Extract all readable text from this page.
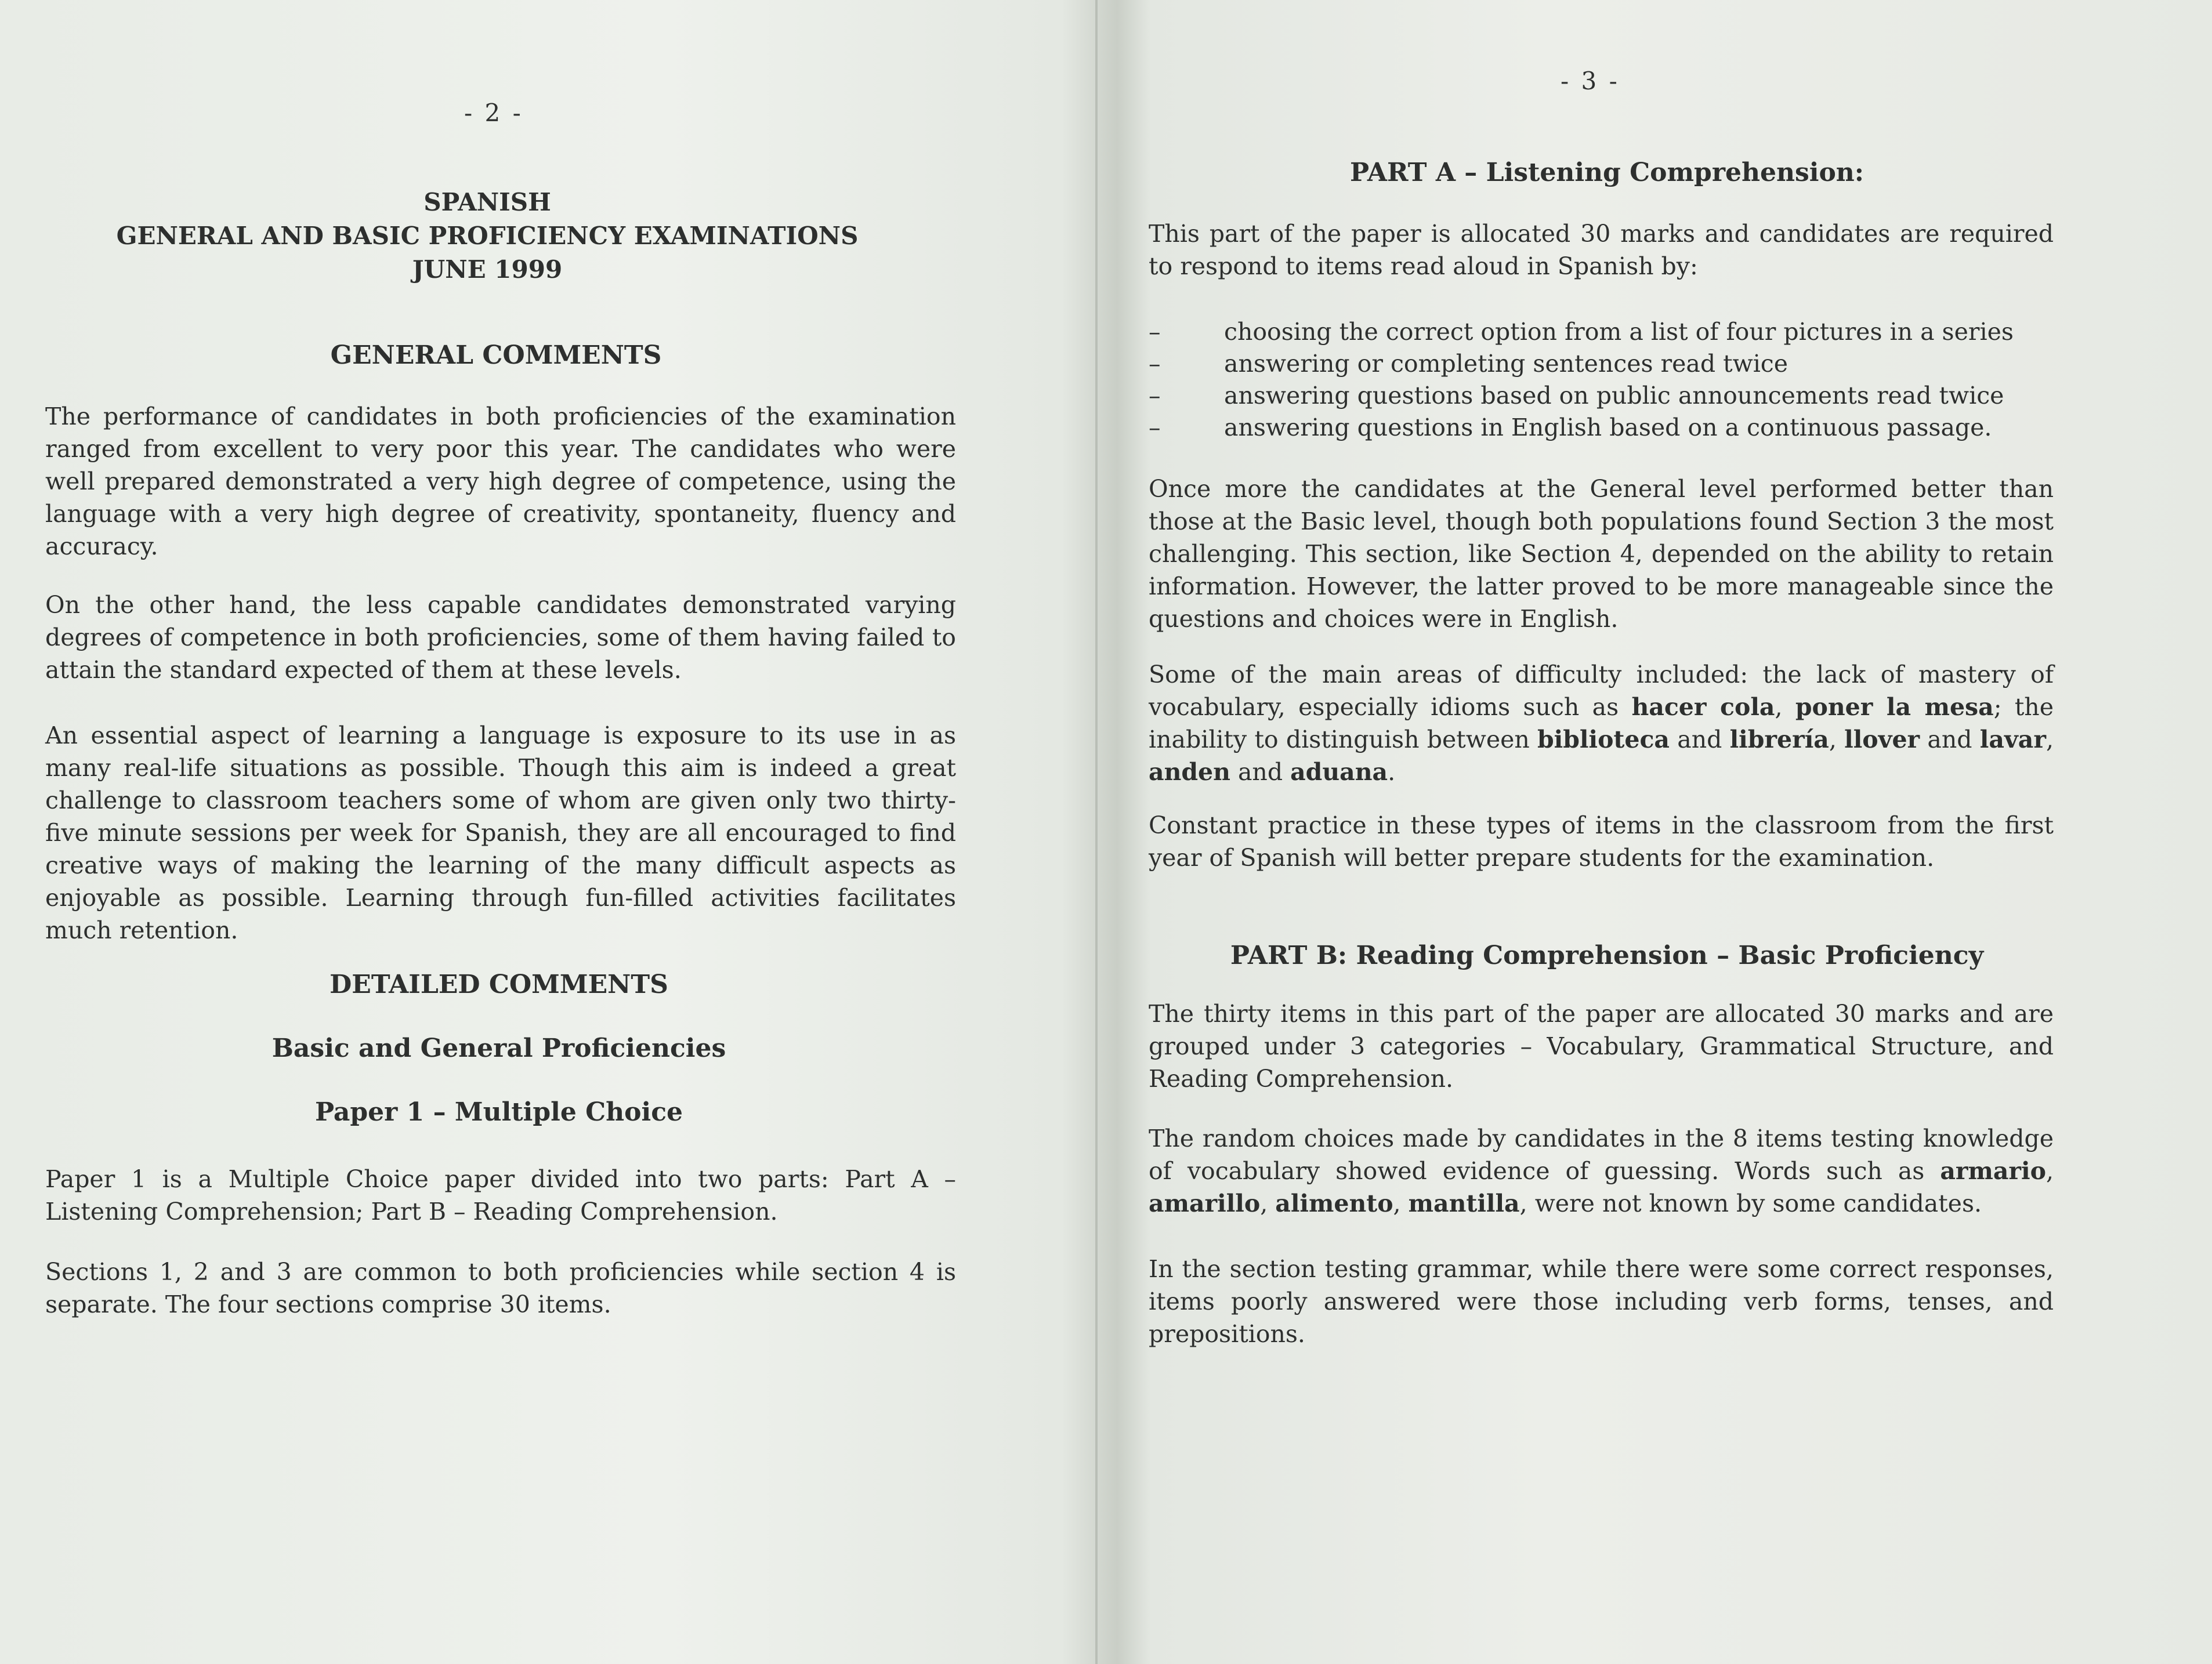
- 2 -
SPANISH
GENERAL AND BASIC PROFICIENCY EXAMINATIONS
JUNE 1999
GENERAL COMMENTS

The performance of candidates in both proficiencies of the examination ranged from excellent to very poor this year. The candidates who were well prepared demonstrated a very high degree of competence, using the language with a very high degree of creativity, spontaneity, fluency and accuracy.

On the other hand, the less capable candidates demonstrated varying degrees of competence in both proficiencies, some of them having failed to attain the standard expected of them at these levels.

An essential aspect of learning a language is exposure to its use in as many real-life situations as possible. Though this aim is indeed a great challenge to classroom teachers some of whom are given only two thirty-five minute sessions per week for Spanish, they are all encouraged to find creative ways of making the learning of the many difficult aspects as enjoyable as possible. Learning through fun-filled activities facilitates much retention.

DETAILED COMMENTS
Basic and General Proficiencies
Paper 1 – Multiple Choice

Paper 1 is a Multiple Choice paper divided into two parts: Part A – Listening Comprehension; Part B – Reading Comprehension.

Sections 1, 2 and 3 are common to both proficiencies while section 4 is separate. The four sections comprise 30 items.

- 3 -
PART A – Listening Comprehension:

This part of the paper is allocated 30 marks and candidates are required to respond to items read aloud in Spanish by:

–	choosing the correct option from a list of four pictures in a series
–	answering or completing sentences read twice
–	answering questions based on public announcements read twice
–	answering questions in English based on a continuous passage.

Once more the candidates at the General level performed better than those at the Basic level, though both populations found Section 3 the most challenging. This section, like Section 4, depended on the ability to retain information. However, the latter proved to be more manageable since the questions and choices were in English.

Some of the main areas of difficulty included: the lack of mastery of vocabulary, especially idioms such as hacer cola, poner la mesa; the inability to distinguish between biblioteca and librería, llover and lavar, anden and aduana.

Constant practice in these types of items in the classroom from the first year of Spanish will better prepare students for the examination.

PART B: Reading Comprehension – Basic Proficiency

The thirty items in this part of the paper are allocated 30 marks and are grouped under 3 categories – Vocabulary, Grammatical Structure, and Reading Comprehension.

The random choices made by candidates in the 8 items testing knowledge of vocabulary showed evidence of guessing. Words such as armario, amarillo, alimento, mantilla, were not known by some candidates.

In the section testing grammar, while there were some correct responses, items poorly answered were those including verb forms, tenses, and prepositions.
